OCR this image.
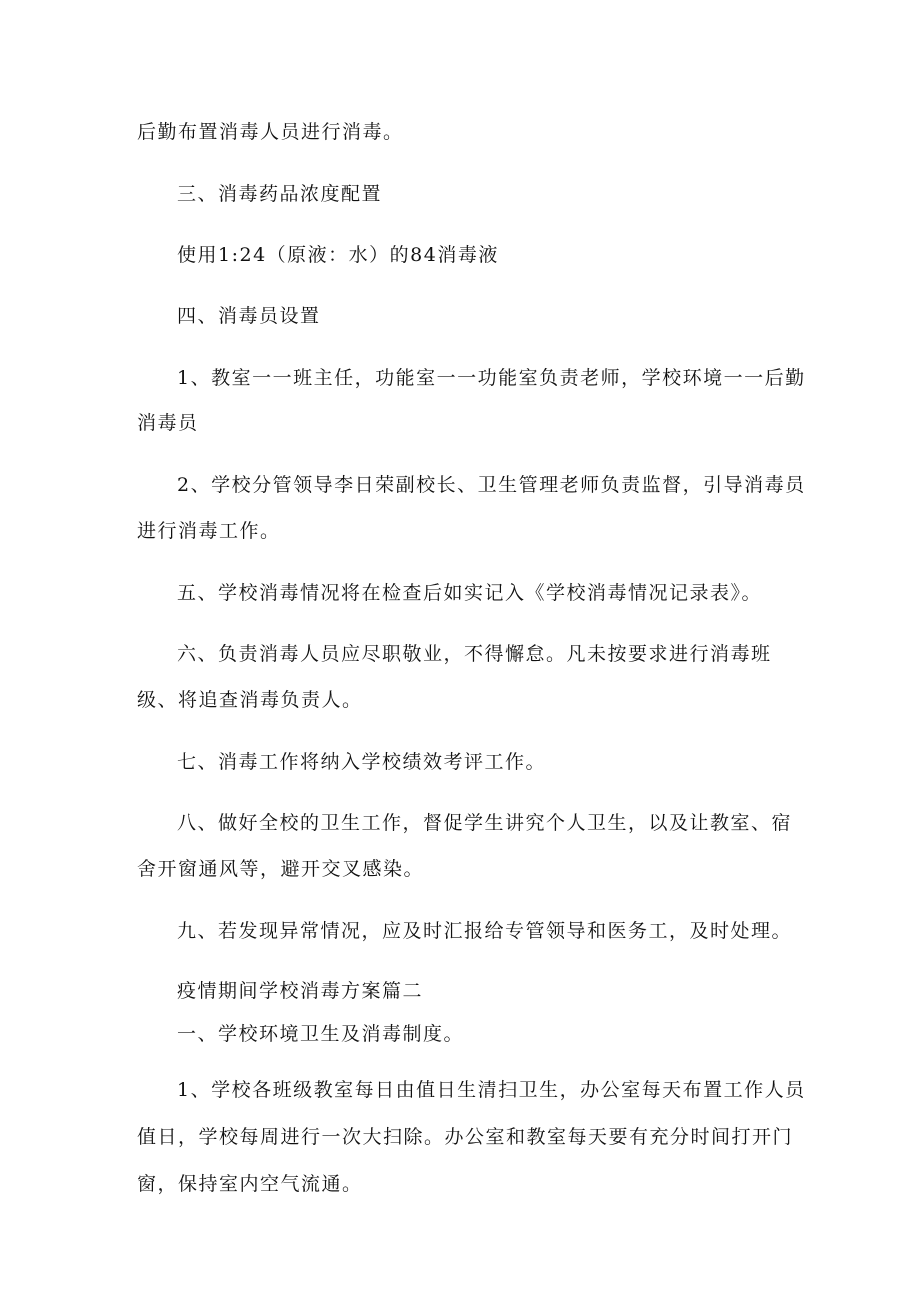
后勤布置消毒人员进行消毒。
三、消毒药品浓度配置
使用1:24（原液：水）的84消毒液
四、消毒员设置
1、教室一一班主任，功能室一一功能室负责老师，学校环境一一后勤
消毒员
2、学校分管领导李日荣副校长、卫生管理老师负责监督，引导消毒员
进行消毒工作。
五、学校消毒情况将在检查后如实记入《学校消毒情况记录表》。
六、负责消毒人员应尽职敬业，不得懈怠。凡未按要求进行消毒班
级、将追查消毒负责人。
七、消毒工作将纳入学校绩效考评工作。
八、做好全校的卫生工作，督促学生讲究个人卫生，以及让教室、宿
舍开窗通风等，避开交叉感染。
九、若发现异常情况，应及时汇报给专管领导和医务工，及时处理。
疫情期间学校消毒方案篇二
一、学校环境卫生及消毒制度。
1、学校各班级教室每日由值日生清扫卫生，办公室每天布置工作人员
值日，学校每周进行一次大扫除。办公室和教室每天要有充分时间打开门
窗，保持室内空气流通。
